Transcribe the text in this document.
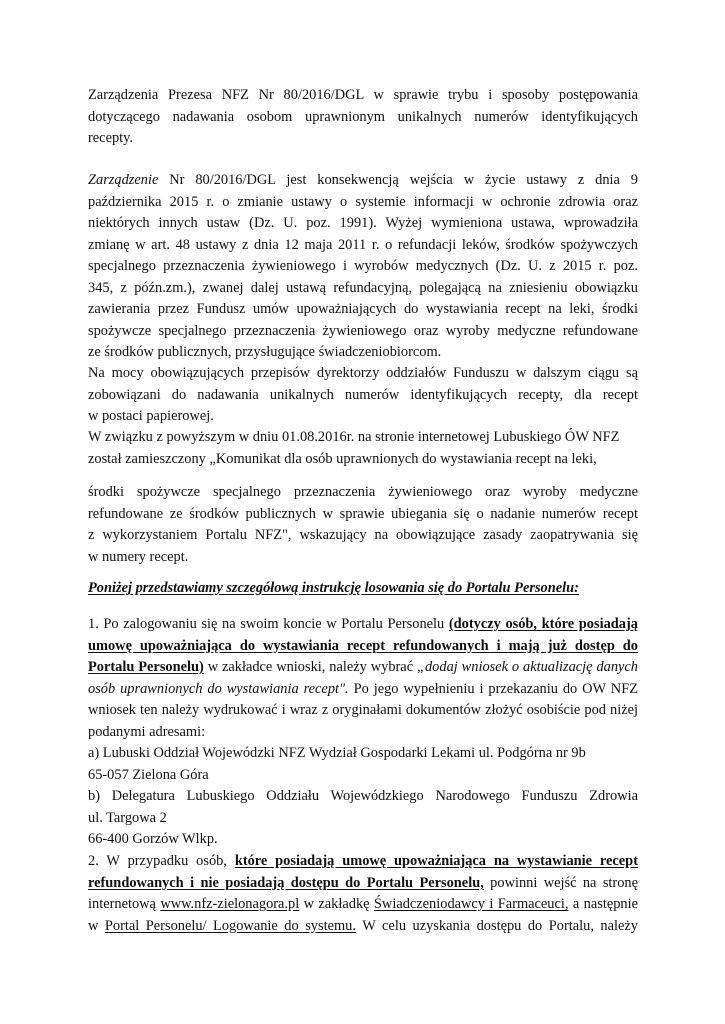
Zarządzenia Prezesa NFZ Nr 80/2016/DGL w sprawie trybu i sposoby postępowania
dotyczącego nadawania osobom uprawnionym unikalnych numerów identyfikujących
recepty.
Zarządzenie Nr 80/2016/DGL jest konsekwencją wejścia w życie ustawy z dnia 9
października 2015 r. o zmianie ustawy o systemie informacji w ochronie zdrowia oraz
niektórych innych ustaw (Dz. U. poz. 1991). Wyżej wymieniona ustawa, wprowadziła
zmianę w art. 48 ustawy z dnia 12 maja 2011 r. o refundacji leków, środków spożywczych
specjalnego przeznaczenia żywieniowego i wyrobów medycznych (Dz. U. z 2015 r. poz.
345, z późn.zm.), zwanej dalej ustawą refundacyjną, polegającą na zniesieniu obowiązku
zawierania przez Fundusz umów upoważniających do wystawiania recept na leki, środki
spożywcze specjalnego przeznaczenia żywieniowego oraz wyroby medyczne refundowane
ze środków publicznych, przysługujące świadczeniobiorcom.
Na mocy obowiązujących przepisów dyrektorzy oddziałów Funduszu w dalszym ciągu są
zobowiązani do nadawania unikalnych numerów identyfikujących recepty, dla recept
w postaci papierowej.
W związku z powyższym w dniu 01.08.2016r. na stronie internetowej Lubuskiego ÓW NFZ
został zamieszczony „Komunikat dla osób uprawnionych do wystawiania recept na leki,
środki spożywcze specjalnego przeznaczenia żywieniowego oraz wyroby medyczne
refundowane ze środków publicznych w sprawie ubiegania się o nadanie numerów recept
z wykorzystaniem Portalu NFZ", wskazujący na obowiązujące zasady zaopatrywania się
w numery recept.
Poniżej przedstawiamy szczegółową instrukcję losowania się do Portalu Personelu:
1. Po zalogowaniu się na swoim koncie w Portalu Personelu (dotyczy osób, które posiadają
umowę upoważniająca do wystawiania recept refundowanych i mają już dostęp do
Portalu Personelu) w zakładce wnioski, należy wybrać „dodaj wniosek o aktualizację danych
osób uprawnionych do wystawiania recept". Po jego wypełnieniu i przekazaniu do OW NFZ
wniosek ten należy wydrukować i wraz z oryginałami dokumentów złożyć osobiście pod niżej
podanymi adresami:
a) Lubuski Oddział Wojewódzki NFZ Wydział Gospodarki Lekami ul. Podgórna nr 9b
65-057 Zielona Góra
b) Delegatura Lubuskiego Oddziału Wojewódzkiego Narodowego Funduszu Zdrowia
ul. Targowa 2
66-400 Gorzów Wlkp.
2. W przypadku osób, które posiadają umowę upoważniająca na wystawianie recept
refundowanych i nie posiadają dostępu do Portalu Personelu, powinni wejść na stronę
internetową www.nfz-zielonagora.pl w zakładkę Świadczeniodawcy i Farmaceuci, a następnie
w Portal Personelu/ Logowanie do systemu. W celu uzyskania dostępu do Portalu, należy
